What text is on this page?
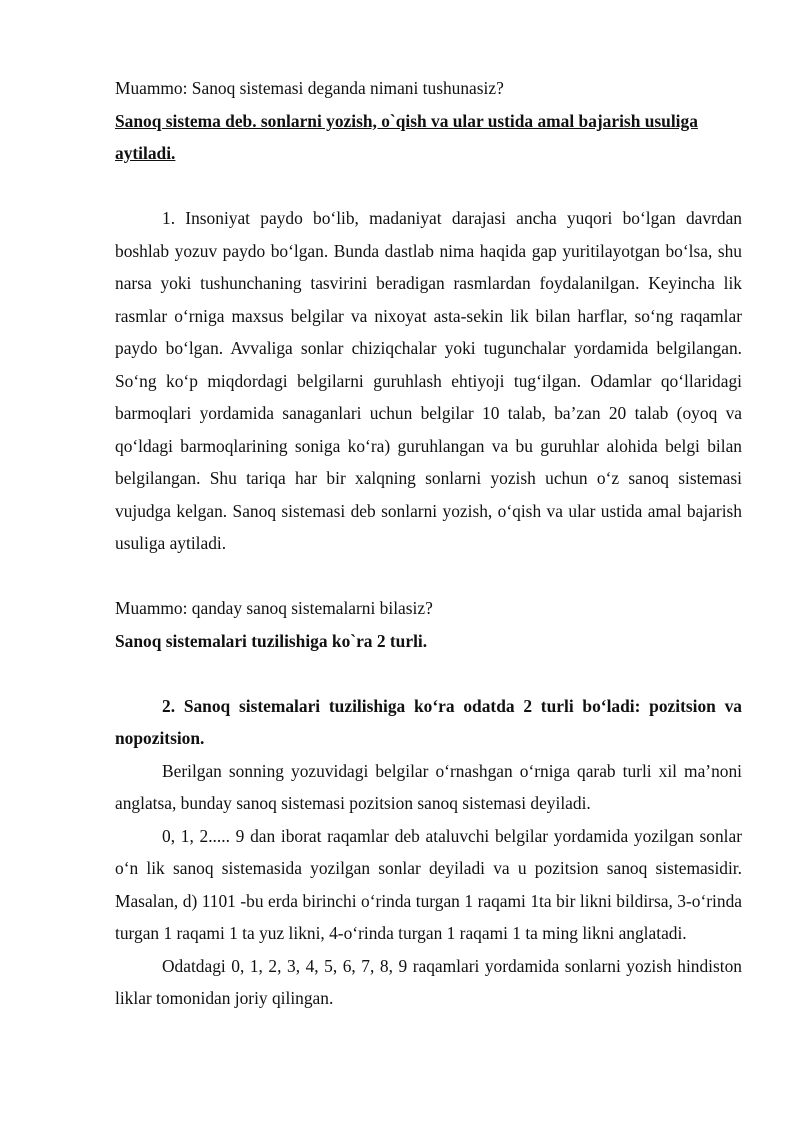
Muammo: Sanoq sistemasi deganda nimani tushunasiz?

Sanoq sistema deb. sonlarni yozish, o`qish va ular ustida amal bajarish usuliga aytiladi.

1. Insoniyat paydo bo‘lib, madaniyat darajasi ancha yuqori bo‘lgan davrdan boshlab yozuv paydo bo‘lgan. Bunda dastlab nima haqida gap yuritilayotgan bo‘lsa, shu narsa yoki tushunchaning tasvirini beradigan rasmlardan foydalanilgan. Keyincha lik rasmlar o‘rniga maxsus belgilar va nixoyat asta-sekin lik bilan harflar, so‘ng raqamlar paydo bo‘lgan. Avvaliga sonlar chiziqchalar yoki tugunchalar yordamida belgilangan. So‘ng ko‘p miqdordagi belgilarni guruhlash ehtiyoji tug‘ilgan. Odamlar qo‘llaridagi barmoqlari yordamida sanaganlari uchun belgilar 10 talab, ba’zan 20 talab (oyoq va qo‘ldagi barmoqlarining soniga ko‘ra) guruhlangan va bu guruhlar alohida belgi bilan belgilangan. Shu tariqa har bir xalqning sonlarni yozish uchun o‘z sanoq sistemasi vujudga kelgan. Sanoq sistemasi deb sonlarni yozish, o‘qish va ular ustida amal bajarish usuliga aytiladi.

Muammo: qanday sanoq sistemalarni bilasiz?

Sanoq sistemalari tuzilishiga ko`ra 2 turli.

2. Sanoq sistemalari tuzilishiga ko‘ra odatda 2 turli bo‘ladi: pozitsion va nopozitsion.

Berilgan sonning yozuvidagi belgilar o‘rnashgan o‘rniga qarab turli xil ma’noni anglatsa, bunday sanoq sistemasi pozitsion sanoq sistemasi deyiladi.

0, 1, 2..... 9 dan iborat raqamlar deb ataluvchi belgilar yordamida yozilgan sonlar o‘n lik sanoq sistemasida yozilgan sonlar deyiladi va u pozitsion sanoq sistemasidir. Masalan, d) 1101 -bu erda birinchi o‘rinda turgan 1 raqami 1ta bir likni bildirsa, 3-o‘rinda turgan 1 raqami 1 ta yuz likni, 4-o‘rinda turgan 1 raqami 1 ta ming likni anglatadi.

Odatdagi 0, 1, 2, 3, 4, 5, 6, 7, 8, 9 raqamlari yordamida sonlarni yozish hindiston liklar tomonidan joriy qilingan.
